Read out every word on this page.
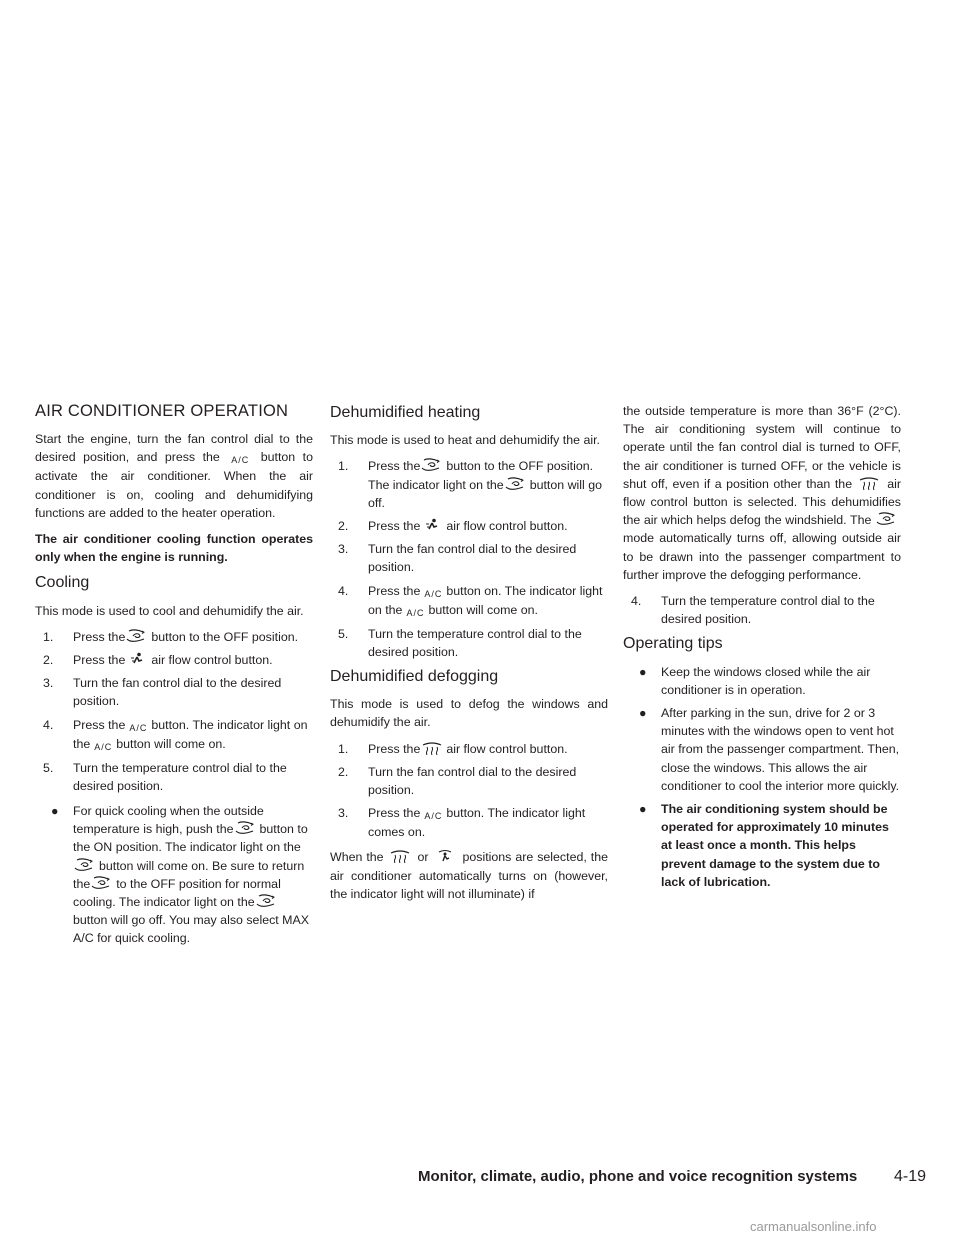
AIR CONDITIONER OPERATION

Start the engine, turn the fan control dial to the desired position, and press the A/C button to activate the air conditioner. When the air conditioner is on, cooling and dehumidifying functions are added to the heater operation.

The air conditioner cooling function operates only when the engine is running.

Cooling

This mode is used to cool and dehumidify the air.

1. Press the button to the OFF position.
2. Press the air flow control button.
3. Turn the fan control dial to the desired position.
4. Press the A/C button. The indicator light on the A/C button will come on.
5. Turn the temperature control dial to the desired position.
● For quick cooling when the outside temperature is high, push the button to the ON position. The indicator light on the
button will come on. Be sure to return the to the OFF position for normal cooling. The indicator light on the
button will go off. You may also select MAX A/C for quick cooling.
Dehumidified heating

This mode is used to heat and dehumidify the air.

1. Press the button to the OFF position. The indicator light on the button will go off.
2. Press the air flow control button.
3. Turn the fan control dial to the desired position.
4. Press the A/C button on. The indicator light on the A/C button will come on.
5. Turn the temperature control dial to the desired position.
Dehumidified defogging

This mode is used to defog the windows and dehumidify the air.

1. Press the air flow control button.
2. Turn the fan control dial to the desired position.
3. Press the A/C button. The indicator light comes on.

When the	or	positions are selected, the air conditioner automatically turns on (however, the indicator light will not illuminate) if

the outside temperature is more than 36°F (2°C). The air conditioning system will continue to operate until the fan control dial is turned to OFF, the air conditioner is turned OFF, or the vehicle is shut off, even if a position other than the	air flow control button is selected. This dehumidifies the air which helps defog the windshield. The
mode automatically turns off, allowing outside air to be drawn into the passenger compartment to further improve the defogging performance.

4. Turn the temperature control dial to the desired position.
Operating tips
● Keep the windows closed while the air conditioner is in operation.
● After parking in the sun, drive for 2 or 3 minutes with the windows open to vent hot air from the passenger compartment. Then, close the windows. This allows the air conditioner to cool the interior more quickly.
● The air conditioning system should be operated for approximately 10 minutes at least once a month. This helps prevent damage to the system due to lack of lubrication.
Monitor, climate, audio, phone and voice recognition systems 4-19
carmanualsonline.info
